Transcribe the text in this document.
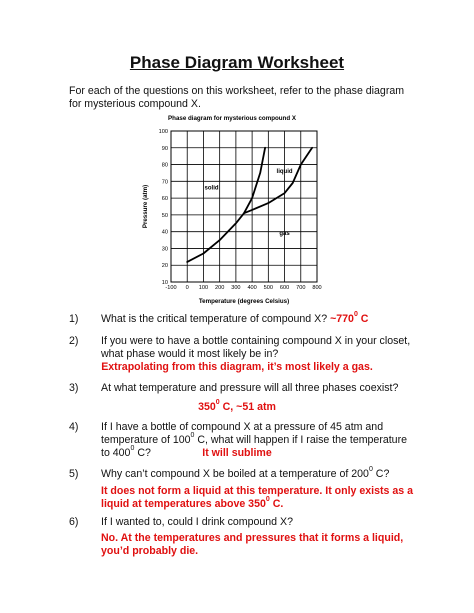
Phase Diagram Worksheet
For each of the questions on this worksheet, refer to the phase diagram for mysterious compound X.
-100 0 100 200 300 400 500 600 700 800
10
20
30
40
50
60
70
80
90
100
liquid
solid
gas
Phase diagram for mysterious compound X
Temperature (degrees Celsius)
Pressure (atm)
1) What is the critical temperature of compound X? $\sim 770^0$ C
2) If you were to have a bottle containing compound X in your closet, what phase would it most likely be in?
Extrapolating from this diagram, it’s most likely a gas.
3) At what temperature and pressure will all three phases coexist?
$350^0$ C, ~51 atm
4) If I have a bottle of compound X at a pressure of 45 atm and temperature of $100^0$ C, what will happen if I raise the temperature to $400^0$ C?	It will sublime
5) Why can’t compound X be boiled at a temperature of $200^0$ C?
It does not form a liquid at this temperature. It only exists as a liquid at temperatures above $350^0$ C.
6) If I wanted to, could I drink compound X?
No. At the temperatures and pressures that it forms a liquid, you’d probably die.
